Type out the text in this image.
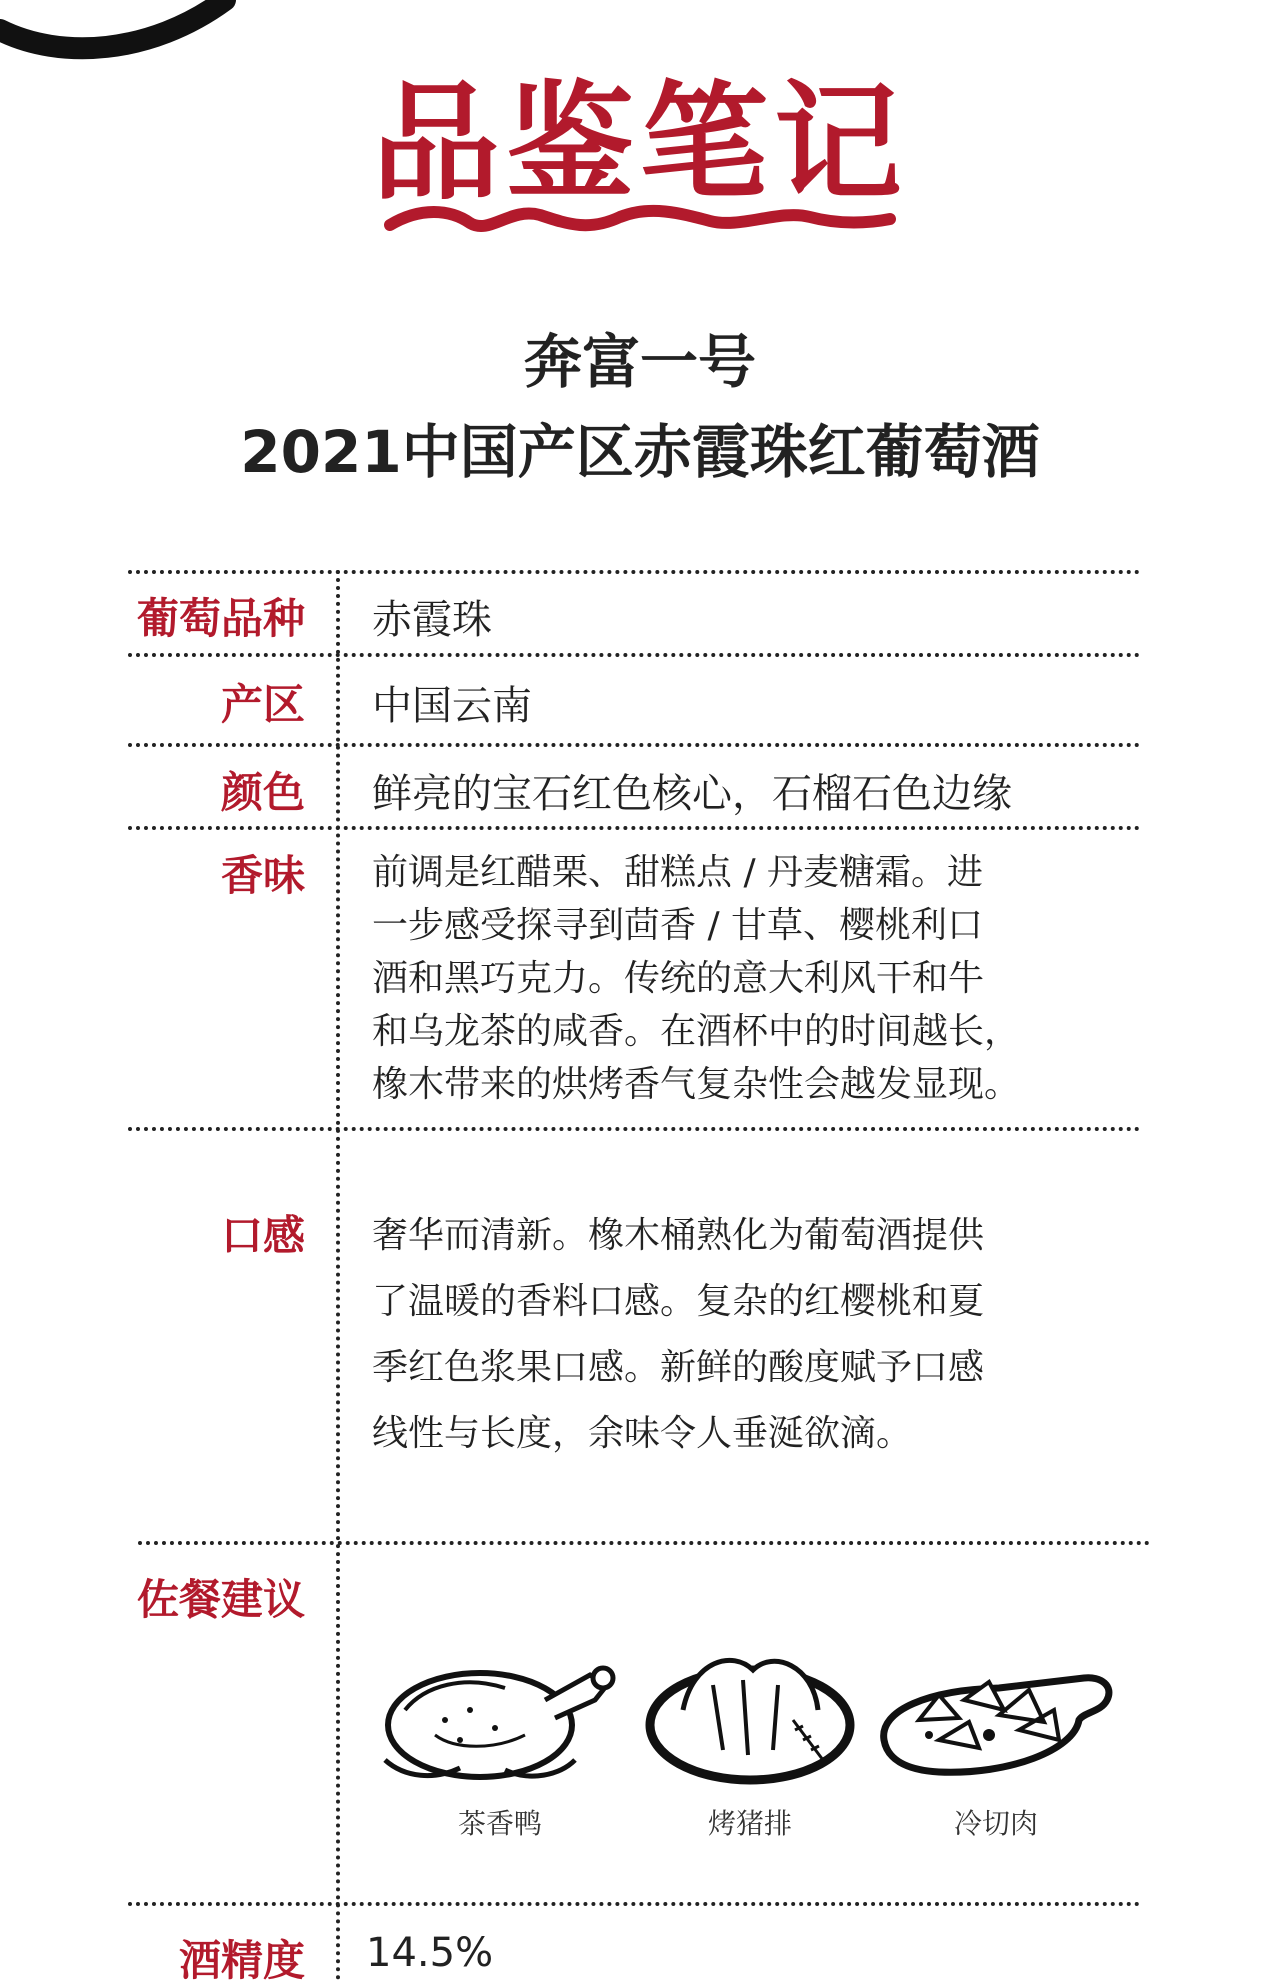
品鉴笔记
奔富一号
2021中国产区赤霞珠红葡萄酒
葡萄品种 赤霞珠
产区 中国云南
颜色 鲜亮的宝石红色核心，石榴石色边缘
香味 前调是红醋栗、甜糕点 / 丹麦糖霜。进
一步感受探寻到茴香 / 甘草、樱桃利口
酒和黑巧克力。传统的意大利风干和牛
和乌龙茶的咸香。在酒杯中的时间越长，
橡木带来的烘烤香气复杂性会越发显现。
口感 奢华而清新。橡木桶熟化为葡萄酒提供
了温暖的香料口感。复杂的红樱桃和夏
季红色浆果口感。新鲜的酸度赋予口感
线性与长度，余味令人垂涎欲滴。
佐餐建议
茶香鸭	烤猪排	冷切肉
酒精度 14.5%
